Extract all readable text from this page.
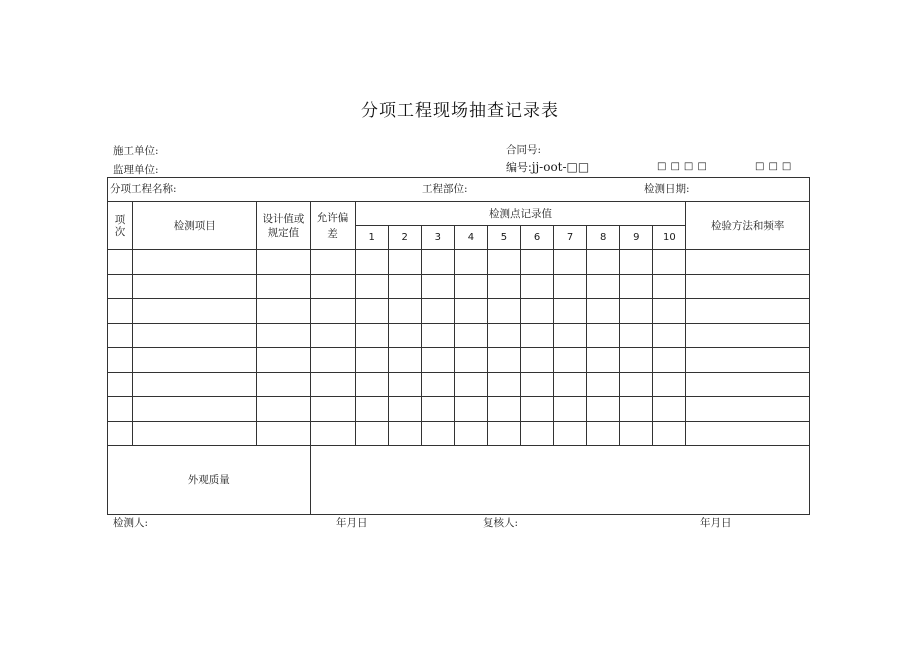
分项工程现场抽查记录表
施工单位:	合同号:
监理单位:	编号:jj-oot-□□	□□□□	□□□
分项工程名称: 工程部位: 检测日期:														

项次	检测项目	设计值或规定值	允许偏差	检测点记录值										检验方法和频率
				1	2	3	4	5	6	7	8	9	10	

外观质量														
检测人:	年月日	复核人:	年月日
